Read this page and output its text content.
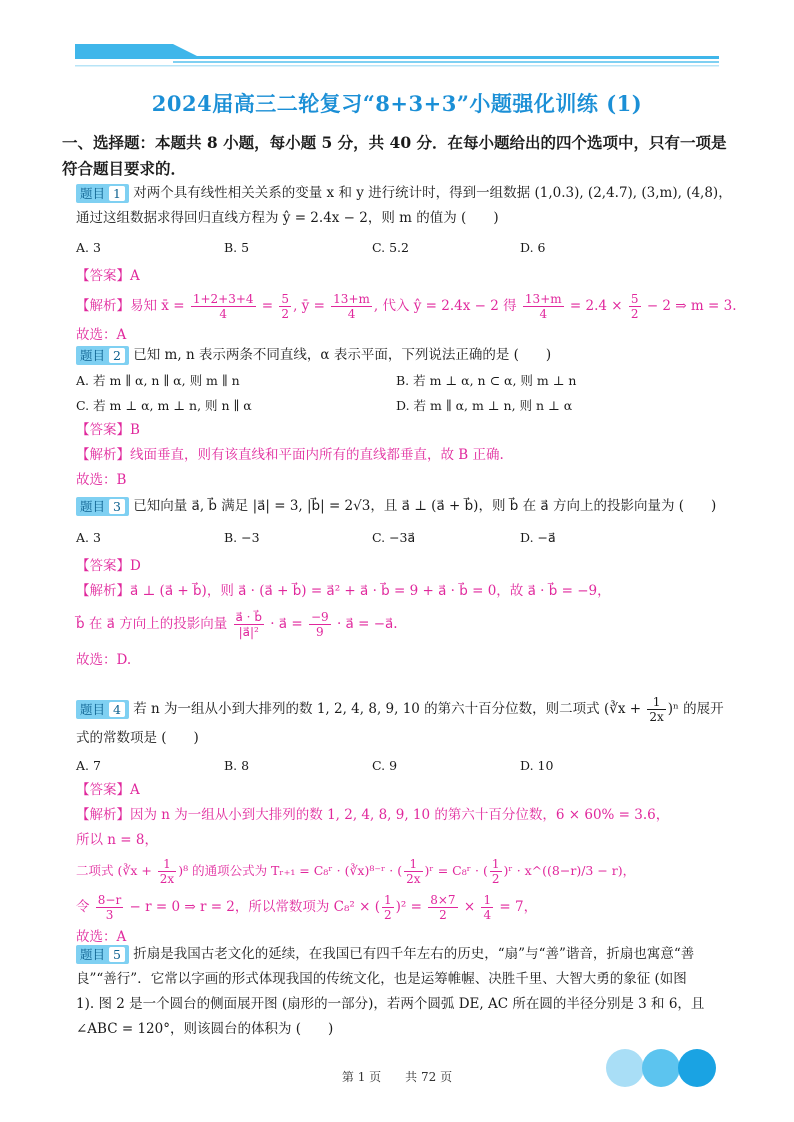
2024届高三二轮复习“8+3+3”小题强化训练 (1)
一、选择题：本题共 8 小题，每小题 5 分，共 40 分．在每小题给出的四个选项中，只有一项是符合题目要求的．
题目 1 对两个具有线性相关关系的变量 x 和 y 进行统计时，得到一组数据 (1,0.3), (2,4.7), (3,m), (4,8)，
通过这组数据求得回归直线方程为 ŷ = 2.4x − 2，则 m 的值为 (　　)
A. 3	B. 5	C. 5.2	D. 6
【答案】A
【解析】易知 x̄ = $\frac{1+2+3+4}{4} = \frac{5}{2}$ , ȳ = $\frac{13+m}{4}$ , 代入 ŷ = 2.4x − 2 得 $\frac{13+m}{4} = 2.4 \times \frac{5}{2} - 2$ ⇒ m = 3.
故选：A
题目 2 已知 m, n 表示两条不同直线，α 表示平面，下列说法正确的是 (　　)
A. 若 m ∥ α, n ∥ α, 则 m ∥ n	B. 若 m ⊥ α, n ⊂ α, 则 m ⊥ n
C. 若 m ⊥ α, m ⊥ n, 则 n ∥ α	D. 若 m ∥ α, m ⊥ n, 则 n ⊥ α
【答案】B
【解析】线面垂直，则有该直线和平面内所有的直线都垂直，故 B 正确.
故选：B
题目 3 已知向量 a⃗, b⃗ 满足 |a⃗| = 3, |b⃗| = 2√3，且 a⃗ ⊥ (a⃗ + b⃗)，则 b⃗ 在 a⃗ 方向上的投影向量为 (　　)
A. 3	B. −3	C. −3a⃗	D. −a⃗
【答案】D
【解析】a⃗ ⊥ (a⃗ + b⃗)，则 a⃗ · (a⃗ + b⃗) = a⃗² + a⃗ · b⃗ = 9 + a⃗ · b⃗ = 0，故 a⃗ · b⃗ = −9，
b⃗ 在 a⃗ 方向上的投影向量 $\frac{a⃗ \cdot b⃗}{\text{|a⃗|²}}$ · a⃗ = $\frac{-9}{9}$ · a⃗ = −a⃗.
故选：D.
题目 4 若 n 为一组从小到大排列的数 1, 2, 4, 8, 9, 10 的第六十百分位数，则二项式 (∛x + $\frac{1}{2x} )^n$ 的展开
式的常数项是 (　　)
A. 7	B. 8	C. 9	D. 10
【答案】A
【解析】因为 n 为一组从小到大排列的数 1, 2, 4, 8, 9, 10 的第六十百分位数，6 × 60% = 3.6，
所以 n = 8，
二项式 (∛x + $\frac{1}{2x} )^8$ 的通项公式为 Tᵣ₊₁ = C₈ʳ · (∛x)⁸⁻ʳ · ( $\frac{1}{2x}$ )ʳ = C₈ʳ · ( $\frac{1}{2}$ )ʳ · x^((8−r)/3 − r)，
令 $\frac{8-r}{3} - r = 0$ ⇒ r = 2，所以常数项为 C₈² × ( $\frac{1}{2} )^2 = \frac{8\times 7}{2} \times \frac{1}{4} = 7$，
故选：A
题目 5 折扇是我国古老文化的延续，在我国已有四千年左右的历史，“扇”与“善”谐音，折扇也寓意“善
良”“善行”．它常以字画的形式体现我国的传统文化，也是运筹帷幄、决胜千里、大智大勇的象征 (如图
1). 图 2 是一个圆台的侧面展开图 (扇形的一部分)，若两个圆弧 DE, AC 所在圆的半径分别是 3 和 6，且
∠ABC = 120°，则该圆台的体积为 (　　)
第 1 页 共 72 页
